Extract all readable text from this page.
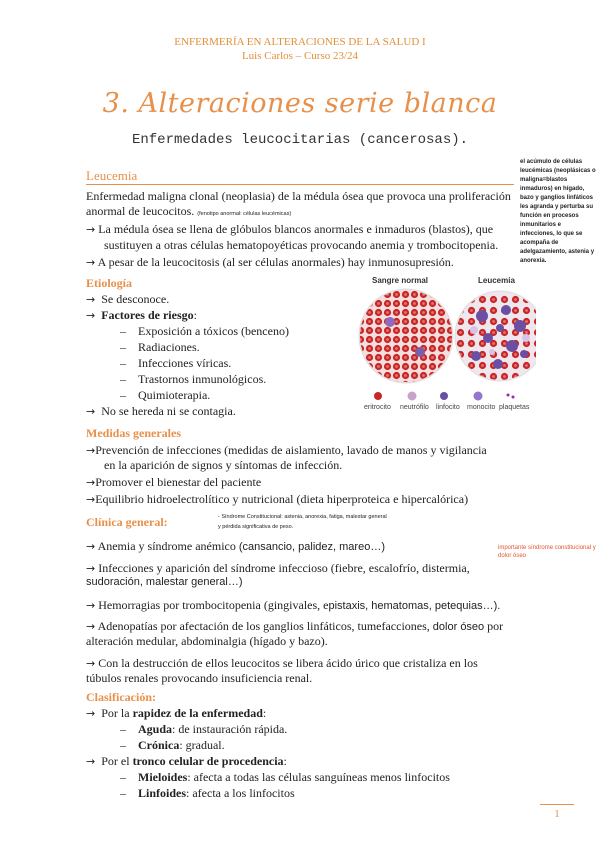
ENFERMERÍA EN ALTERACIONES DE LA SALUD I
Luis Carlos – Curso 23/24
3. Alteraciones serie blanca
Enfermedades leucocitarias (cancerosas).
el acúmulo de células leucémicas (neoplásicas o maligna=blastos inmaduros) en hígado, bazo y ganglios linfáticos les agranda y perturba su función en procesos inmunitarios e infecciones, lo que se acompaña de adelgazamiento, astenia y anorexia.
importante síndrome constitucional y dolor óseo
Leucemia
Enfermedad maligna clonal (neoplasia) de la médula ósea que provoca una proliferación
anormal de leucocitos. (fenotipo anormal: células leucémicas)
→ La médula ósea se llena de glóbulos blancos anormales e inmaduros (blastos), que
sustituyen a otras células hematopoyéticas provocando anemia y trombocitopenia.
→ A pesar de la leucocitosis (al ser células anormales) hay inmunosupresión.
Sangre normal	Leucemia
eritrocito neutrófilo linfocito monocito plaquetas
Etiología
→ Se desconoce.
→ Factores de riesgo:
–    Exposición a tóxicos (benceno)
–    Radiaciones.
–    Infecciones víricas.
–    Trastornos inmunológicos.
–    Quimioterapia.
→ No se hereda ni se contagia.
Medidas generales
→Prevención de infecciones (medidas de aislamiento, lavado de manos y vigilancia
en la aparición de signos y síntomas de infección.
→Promover el bienestar del paciente
→Equilibrio hidroelectrolítico y nutricional (dieta hiperproteica e hipercalórica)
Clínica general:	- Síndrome Constitucional: astenia, anorexia, fatiga, malestar general
y pérdida significativa de peso.
→ Anemia y síndrome anémico (cansancio, palidez, mareo…)
→ Infecciones y aparición del síndrome infeccioso (fiebre, escalofrío, distermia,
sudoración, malestar general…)
→ Hemorragias por trombocitopenia (gingivales, epistaxis, hematomas, petequias…).
→ Adenopatías por afectación de los ganglios linfáticos, tumefacciones, dolor óseo por
alteración medular, abdominalgia (hígado y bazo).
→ Con la destrucción de ellos leucocitos se libera ácido úrico que cristaliza en los
túbulos renales provocando insuficiencia renal.
Clasificación:
→ Por la rapidez de la enfermedad:
–    Aguda: de instauración rápida.
–    Crónica: gradual.
→ Por el tronco celular de procedencia:
–    Mieloides: afecta a todas las células sanguíneas menos linfocitos
–    Linfoides: afecta a los linfocitos
1
